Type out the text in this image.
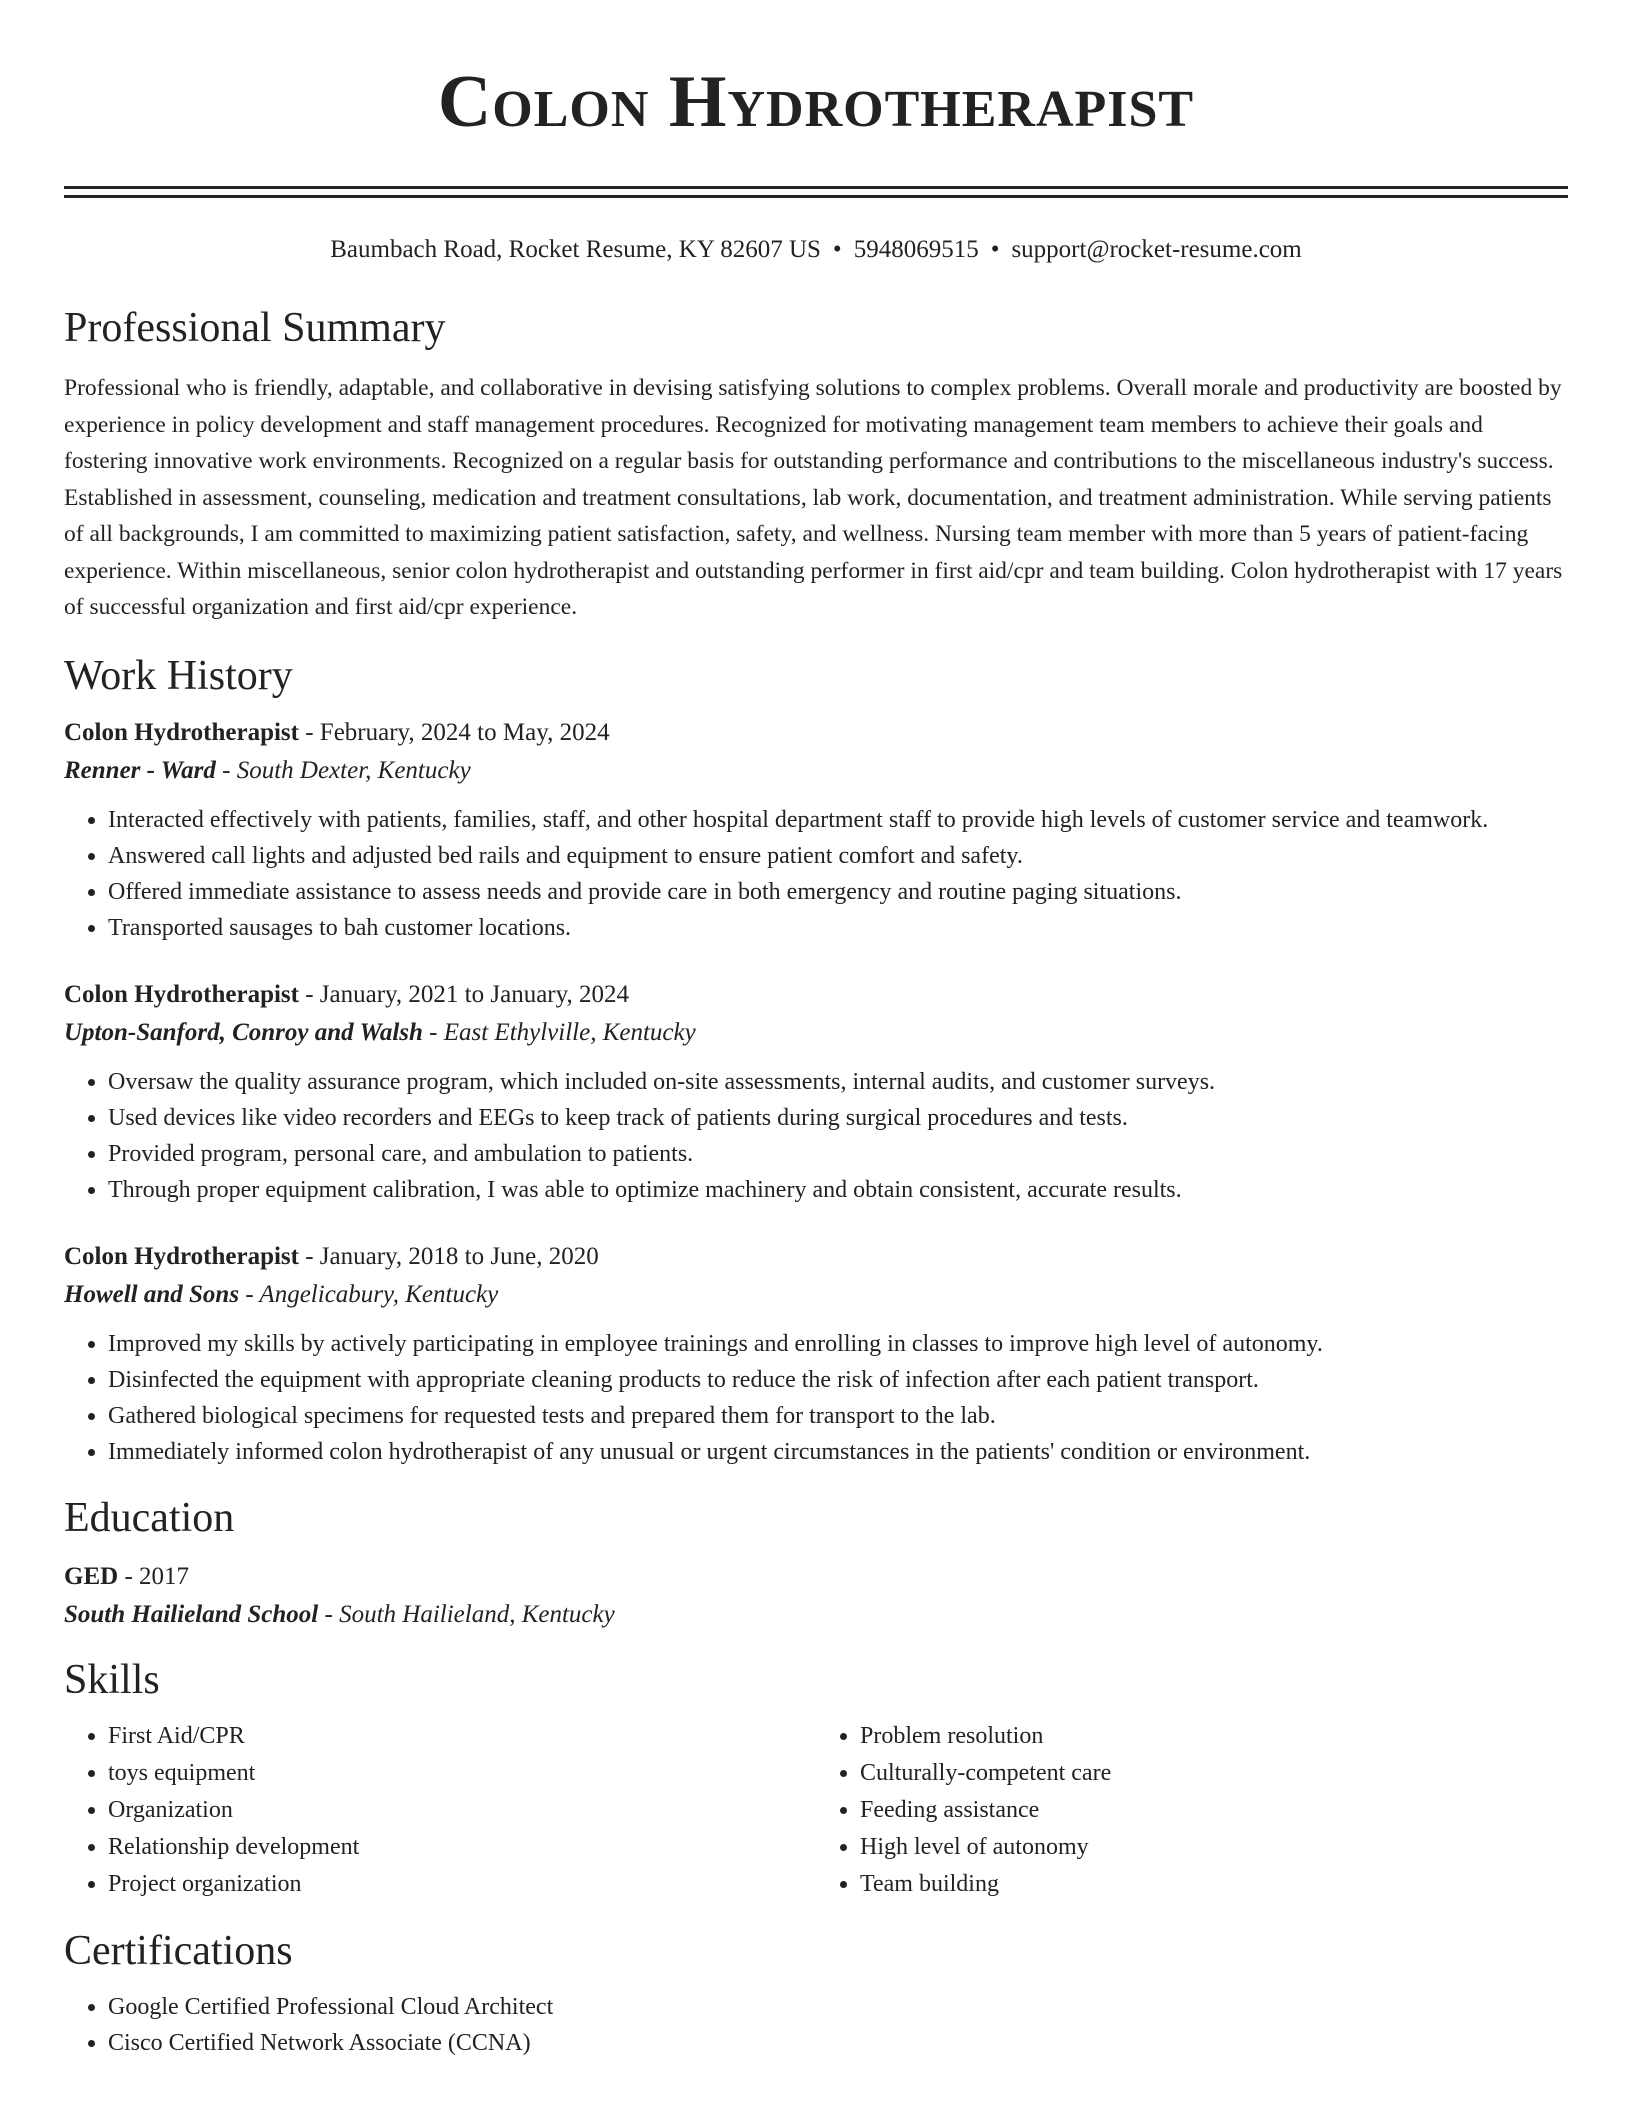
Colon Hydrotherapist
Baumbach Road, Rocket Resume, KY 82607 US • 5948069515 • support@rocket-resume.com
Professional Summary

Professional who is friendly, adaptable, and collaborative in devising satisfying solutions to complex problems. Overall morale and productivity are boosted by experience in policy development and staff management procedures. Recognized for motivating management team members to achieve their goals and fostering innovative work environments. Recognized on a regular basis for outstanding performance and contributions to the miscellaneous industry's success. Established in assessment, counseling, medication and treatment consultations, lab work, documentation, and treatment administration. While serving patients of all backgrounds, I am committed to maximizing patient satisfaction, safety, and wellness. Nursing team member with more than 5 years of patient-facing experience. Within miscellaneous, senior colon hydrotherapist and outstanding performer in first aid/cpr and team building. Colon hydrotherapist with 17 years of successful organization and first aid/cpr experience.

Work History
Colon Hydrotherapist - February, 2024 to May, 2024
Renner - Ward - South Dexter, Kentucky
• Interacted effectively with patients, families, staff, and other hospital department staff to provide high levels of customer service and teamwork.
• Answered call lights and adjusted bed rails and equipment to ensure patient comfort and safety.
• Offered immediate assistance to assess needs and provide care in both emergency and routine paging situations.
• Transported sausages to bah customer locations.
Colon Hydrotherapist - January, 2021 to January, 2024
Upton-Sanford, Conroy and Walsh - East Ethylville, Kentucky
• Oversaw the quality assurance program, which included on-site assessments, internal audits, and customer surveys.
• Used devices like video recorders and EEGs to keep track of patients during surgical procedures and tests.
• Provided program, personal care, and ambulation to patients.
• Through proper equipment calibration, I was able to optimize machinery and obtain consistent, accurate results.
Colon Hydrotherapist - January, 2018 to June, 2020
Howell and Sons - Angelicabury, Kentucky
• Improved my skills by actively participating in employee trainings and enrolling in classes to improve high level of autonomy.
• Disinfected the equipment with appropriate cleaning products to reduce the risk of infection after each patient transport.
• Gathered biological specimens for requested tests and prepared them for transport to the lab.
• Immediately informed colon hydrotherapist of any unusual or urgent circumstances in the patients' condition or environment.
Education
GED - 2017
South Hailieland School - South Hailieland, Kentucky
Skills
• First Aid/CPR
• toys equipment
• Organization
• Relationship development
• Project organization
• Problem resolution
• Culturally-competent care
• Feeding assistance
• High level of autonomy
• Team building
Certifications
• Google Certified Professional Cloud Architect
• Cisco Certified Network Associate (CCNA)
